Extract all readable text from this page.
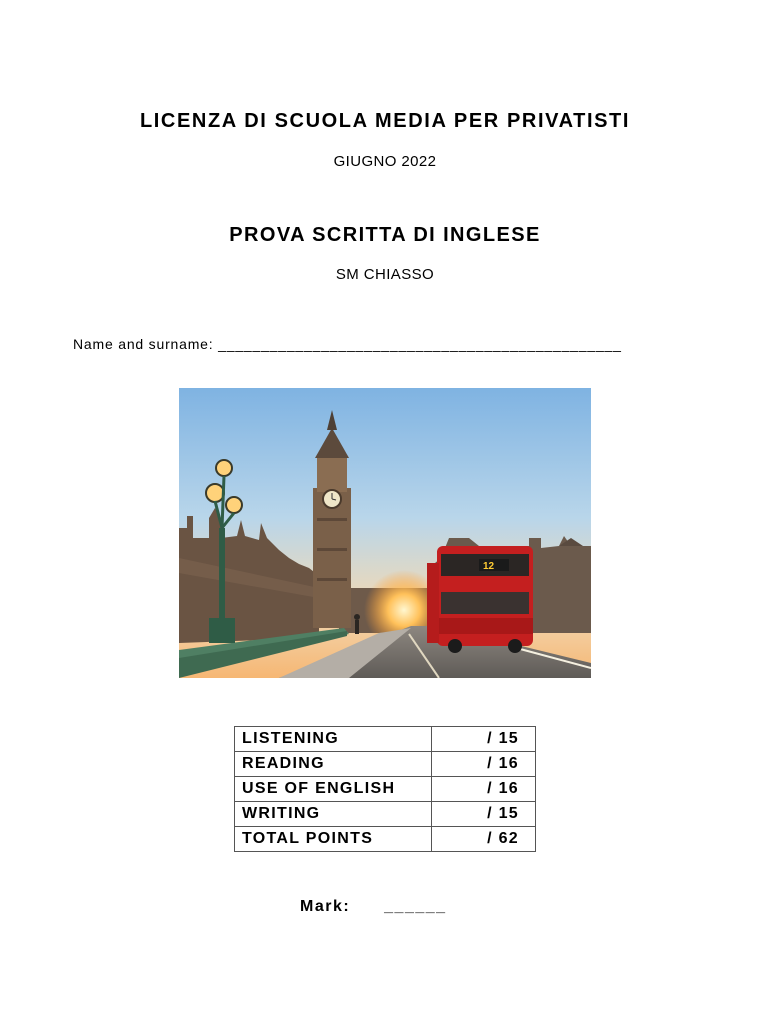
LICENZA DI SCUOLA MEDIA PER PRIVATISTI
GIUGNO 2022
PROVA SCRITTA DI INGLESE
SM CHIASSO
Name and surname: _______________________________________________
12
LISTENING	/ 15
READING	/ 16
USE OF ENGLISH	/ 16
WRITING	/ 15
TOTAL POINTS	/ 62
Mark: ______
